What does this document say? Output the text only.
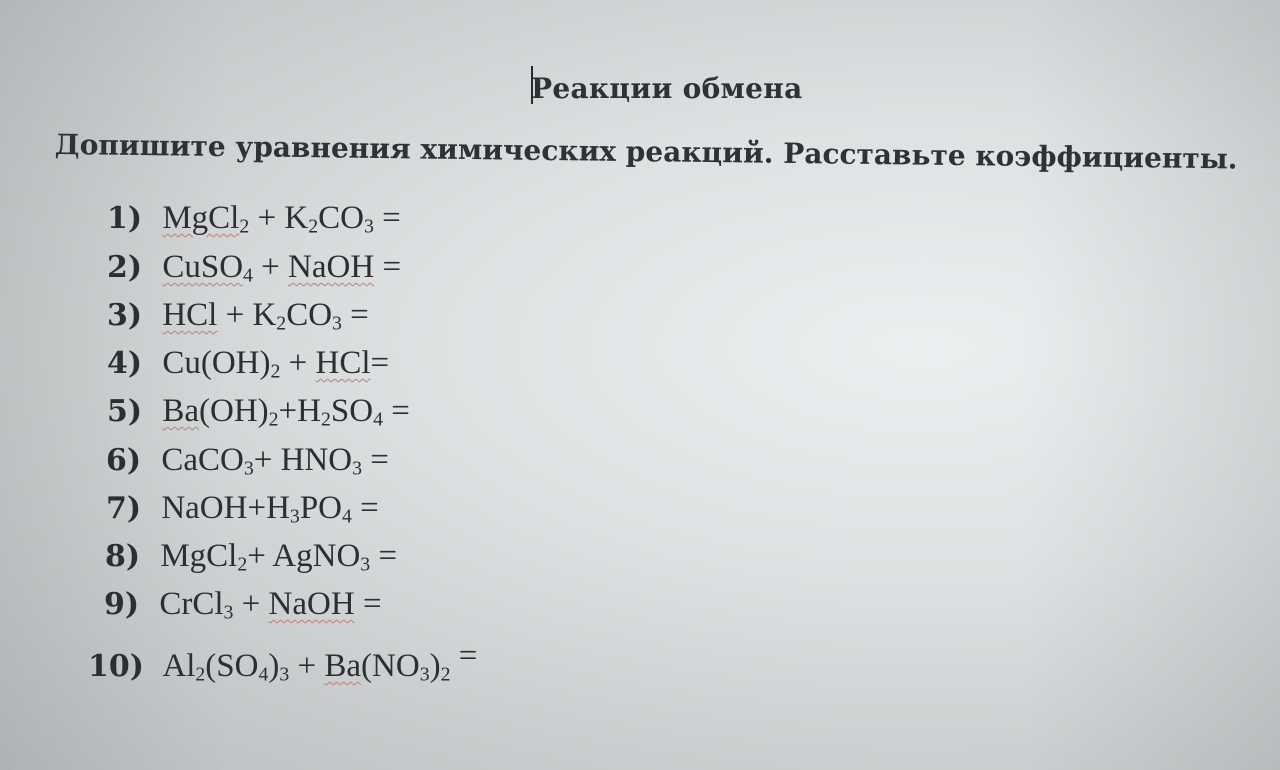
Реакции обмена
Допишите уравнения химических реакций. Расставьте коэффициенты.
1) MgCl$_2$ + $K_2CO_3$ =
2) CuSO$_4$ + NaOH =
3) HCl + $K_2CO_3$ =
4) $Cu(OH)_2 + HCl=$
5) $Ba(OH)_2+H_2SO_4$ =
6) CaCO$_3$+ $HNO_3$ =
7) $NaOH+H_3PO_4$ =
8) MgCl$_2$+ AgNO$_3$ =
9) CrCl$_3$ + NaOH =
10) $Al_2(SO_4)_3 + Ba(NO_3)_2$ =
